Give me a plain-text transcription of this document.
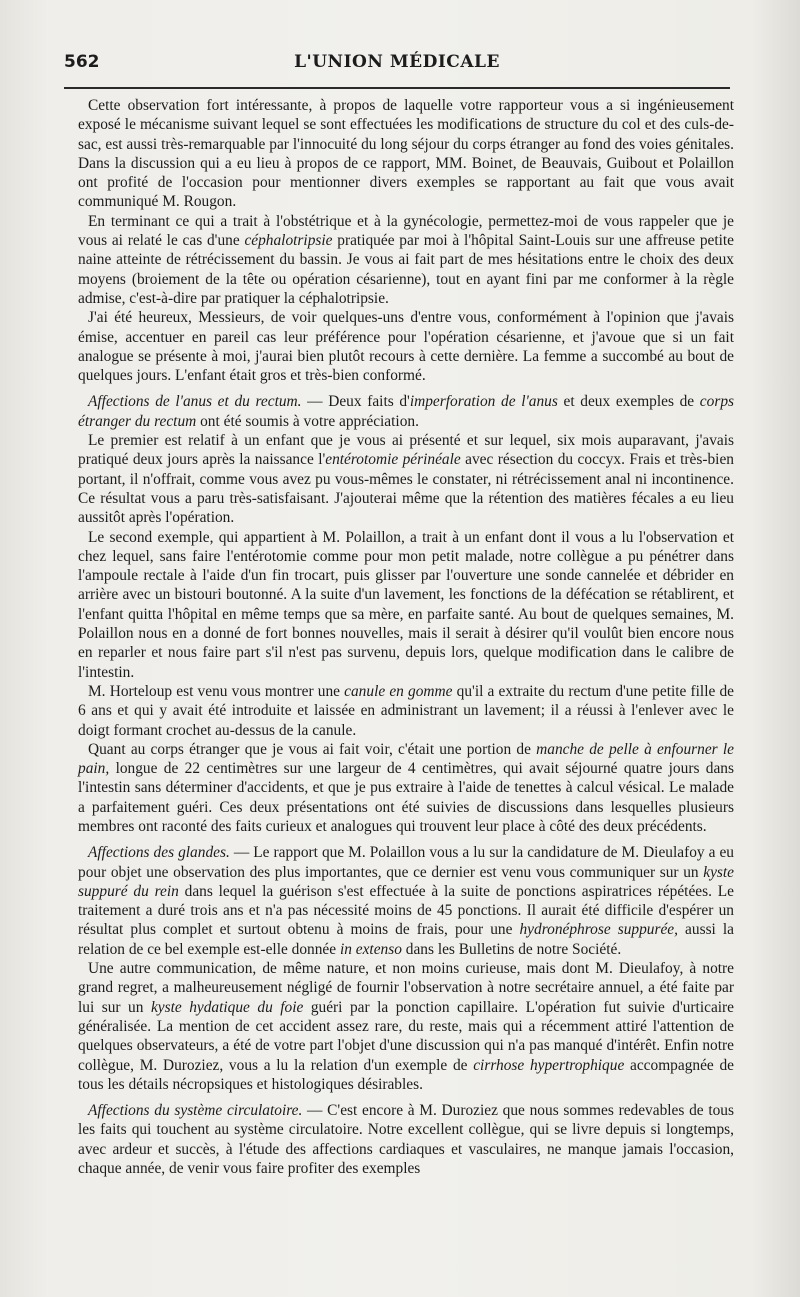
562	L'UNION MÉDICALE

Cette observation fort intéressante, à propos de laquelle votre rapporteur vous a si ingénieusement exposé le mécanisme suivant lequel se sont effectuées les modifications de structure du col et des culs-de-sac, est aussi très-remarquable par l'innocuité du long séjour du corps étranger au fond des voies génitales. Dans la discussion qui a eu lieu à propos de ce rapport, MM. Boinet, de Beauvais, Guibout et Polaillon ont profité de l'occasion pour mentionner divers exemples se rapportant au fait que vous avait communiqué M. Rougon.

En terminant ce qui a trait à l'obstétrique et à la gynécologie, permettez-moi de vous rappeler que je vous ai relaté le cas d'une céphalotripsie pratiquée par moi à l'hôpital Saint-Louis sur une affreuse petite naine atteinte de rétrécissement du bassin. Je vous ai fait part de mes hésitations entre le choix des deux moyens (broiement de la tête ou opération césarienne), tout en ayant fini par me conformer à la règle admise, c'est-à-dire par pratiquer la céphalotripsie.

J'ai été heureux, Messieurs, de voir quelques-uns d'entre vous, conformément à l'opinion que j'avais émise, accentuer en pareil cas leur préférence pour l'opération césarienne, et j'avoue que si un fait analogue se présente à moi, j'aurai bien plutôt recours à cette dernière. La femme a succombé au bout de quelques jours. L'enfant était gros et très-bien conformé.

Affections de l'anus et du rectum. — Deux faits d'imperforation de l'anus et deux exemples de corps étranger du rectum ont été soumis à votre appréciation.

Le premier est relatif à un enfant que je vous ai présenté et sur lequel, six mois auparavant, j'avais pratiqué deux jours après la naissance l'entérotomie périnéale avec résection du coccyx. Frais et très-bien portant, il n'offrait, comme vous avez pu vous-mêmes le constater, ni rétrécissement anal ni incontinence. Ce résultat vous a paru très-satisfaisant. J'ajouterai même que la rétention des matières fécales a eu lieu aussitôt après l'opération.

Le second exemple, qui appartient à M. Polaillon, a trait à un enfant dont il vous a lu l'observation et chez lequel, sans faire l'entérotomie comme pour mon petit malade, notre collègue a pu pénétrer dans l'ampoule rectale à l'aide d'un fin trocart, puis glisser par l'ouverture une sonde cannelée et débrider en arrière avec un bistouri boutonné. A la suite d'un lavement, les fonctions de la défécation se rétablirent, et l'enfant quitta l'hôpital en même temps que sa mère, en parfaite santé. Au bout de quelques semaines, M. Polaillon nous en a donné de fort bonnes nouvelles, mais il serait à désirer qu'il voulût bien encore nous en reparler et nous faire part s'il n'est pas survenu, depuis lors, quelque modification dans le calibre de l'intestin.

M. Horteloup est venu vous montrer une canule en gomme qu'il a extraite du rectum d'une petite fille de 6 ans et qui y avait été introduite et laissée en administrant un lavement; il a réussi à l'enlever avec le doigt formant crochet au-dessus de la canule.

Quant au corps étranger que je vous ai fait voir, c'était une portion de manche de pelle à enfourner le pain, longue de 22 centimètres sur une largeur de 4 centimètres, qui avait séjourné quatre jours dans l'intestin sans déterminer d'accidents, et que je pus extraire à l'aide de tenettes à calcul vésical. Le malade a parfaitement guéri. Ces deux présentations ont été suivies de discussions dans lesquelles plusieurs membres ont raconté des faits curieux et analogues qui trouvent leur place à côté des deux précédents.

Affections des glandes. — Le rapport que M. Polaillon vous a lu sur la candidature de M. Dieulafoy a eu pour objet une observation des plus importantes, que ce dernier est venu vous communiquer sur un kyste suppuré du rein dans lequel la guérison s'est effectuée à la suite de ponctions aspiratrices répétées. Le traitement a duré trois ans et n'a pas nécessité moins de 45 ponctions. Il aurait été difficile d'espérer un résultat plus complet et surtout obtenu à moins de frais, pour une hydronéphrose suppurée, aussi la relation de ce bel exemple est-elle donnée in extenso dans les Bulletins de notre Société.

Une autre communication, de même nature, et non moins curieuse, mais dont M. Dieulafoy, à notre grand regret, a malheureusement négligé de fournir l'observation à notre secrétaire annuel, a été faite par lui sur un kyste hydatique du foie guéri par la ponction capillaire. L'opération fut suivie d'urticaire généralisée. La mention de cet accident assez rare, du reste, mais qui a récemment attiré l'attention de quelques observateurs, a été de votre part l'objet d'une discussion qui n'a pas manqué d'intérêt. Enfin notre collègue, M. Duroziez, vous a lu la relation d'un exemple de cirrhose hypertrophique accompagnée de tous les détails nécropsiques et histologiques désirables.

Affections du système circulatoire. — C'est encore à M. Duroziez que nous sommes redevables de tous les faits qui touchent au système circulatoire. Notre excellent collègue, qui se livre depuis si longtemps, avec ardeur et succès, à l'étude des affections cardiaques et vasculaires, ne manque jamais l'occasion, chaque année, de venir vous faire profiter des exemples
